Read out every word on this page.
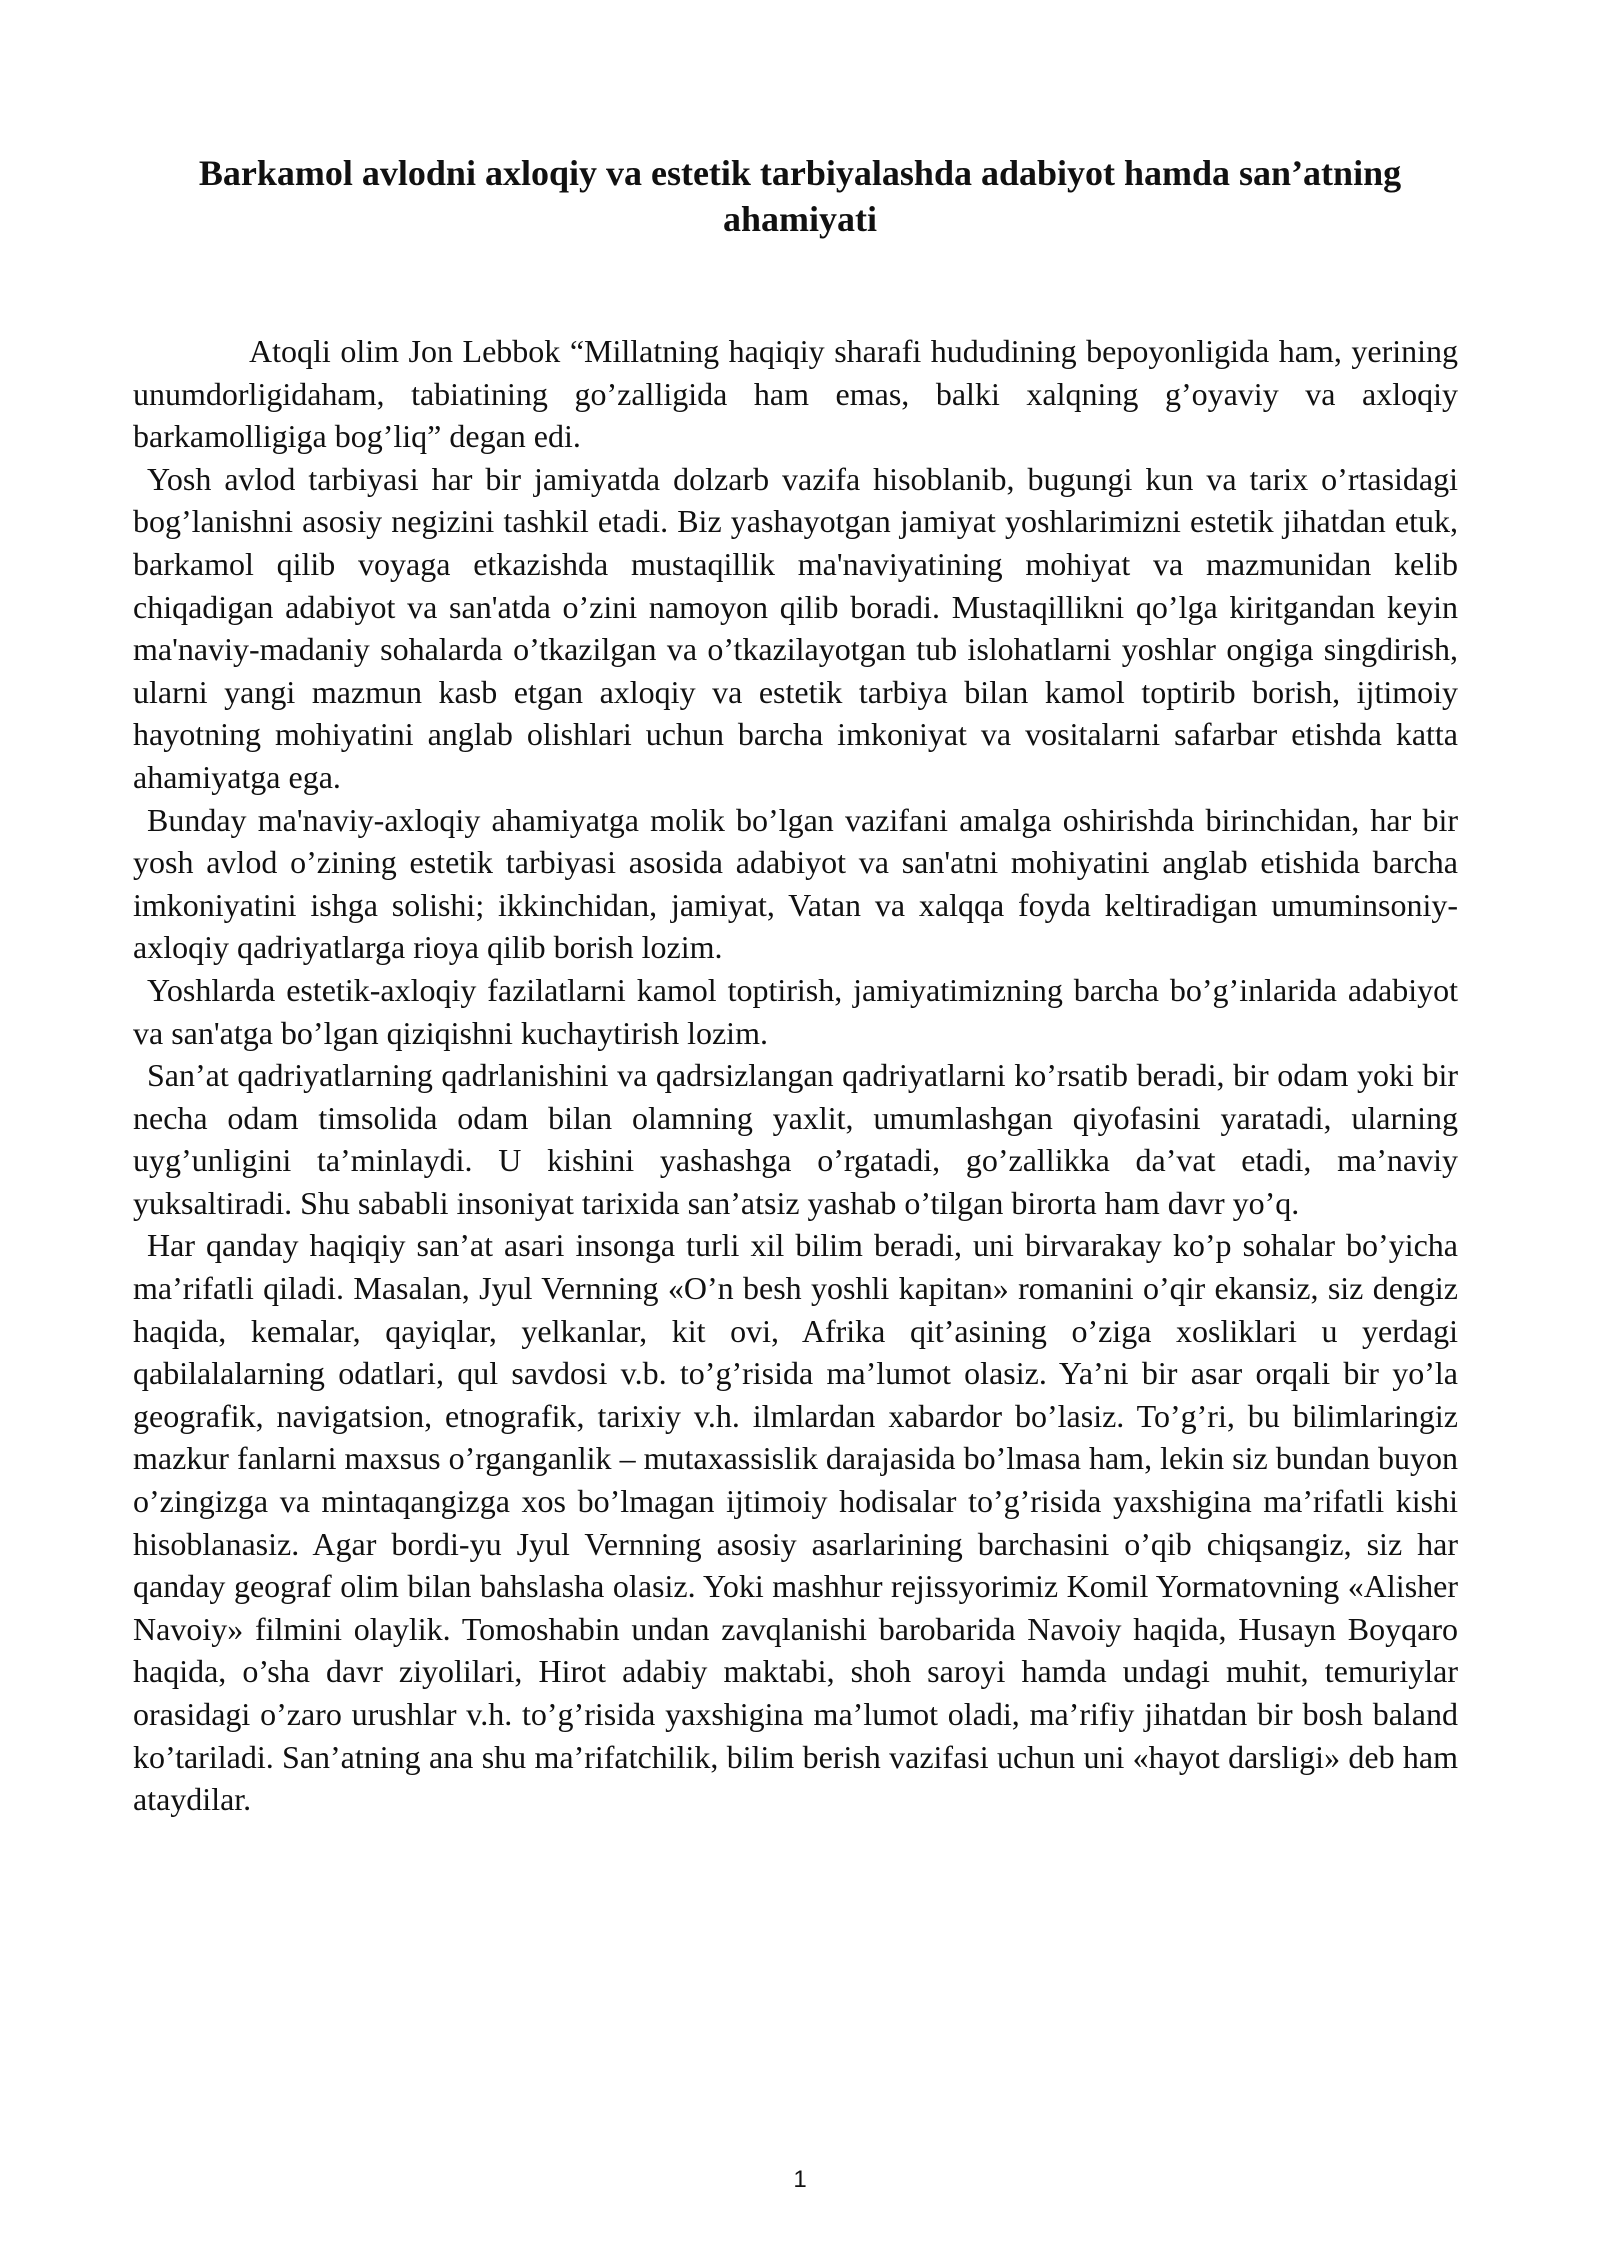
Barkamol avlodni axloqiy va estetik tarbiyalashda adabiyot hamda san’atning ahamiyati

Atoqli olim Jon Lebbok “Millatning haqiqiy sharafi hududining bepoyonligida ham, yerining unumdorligidaham, tabiatining go’zalligida ham emas, balki xalqning g’oyaviy va axloqiy barkamolligiga bog’liq” degan edi.

Yosh avlod tarbiyasi har bir jamiyatda dolzarb vazifa hisoblanib, bugungi kun va tarix o’rtasidagi bog’lanishni asosiy negizini tashkil etadi. Biz yashayotgan jamiyat yoshlarimizni estetik jihatdan etuk, barkamol qilib voyaga etkazishda mustaqillik ma'naviyatining mohiyat va mazmunidan kelib chiqadigan adabiyot va san'atda o’zini namoyon qilib boradi. Mustaqillikni qo’lga kiritgandan keyin ma'naviy-madaniy sohalarda o’tkazilgan va o’tkazilayotgan tub islohatlarni yoshlar ongiga singdirish, ularni yangi mazmun kasb etgan axloqiy va estetik tarbiya bilan kamol toptirib borish, ijtimoiy hayotning mohiyatini anglab olishlari uchun barcha imkoniyat va vositalarni safarbar etishda katta ahamiyatga ega.

Bunday ma'naviy-axloqiy ahamiyatga molik bo’lgan vazifani amalga oshirishda birinchidan, har bir yosh avlod o’zining estetik tarbiyasi asosida adabiyot va san'atni mohiyatini anglab etishida barcha imkoniyatini ishga solishi; ikkinchidan, jamiyat, Vatan va xalqqa foyda keltiradigan umuminsoniy-axloqiy qadriyatlarga rioya qilib borish lozim.

Yoshlarda estetik-axloqiy fazilatlarni kamol toptirish, jamiyatimizning barcha bo’g’inlarida adabiyot va san'atga bo’lgan qiziqishni kuchaytirish lozim.

San’at qadriyatlarning qadrlanishini va qadrsizlangan qadriyatlarni ko’rsatib beradi, bir odam yoki bir necha odam timsolida odam bilan olamning yaxlit, umumlashgan qiyofasini yaratadi, ularning uyg’unligini ta’minlaydi. U kishini yashashga o’rgatadi, go’zallikka da’vat etadi, ma’naviy yuksaltiradi. Shu sababli insoniyat tarixida san’atsiz yashab o’tilgan birorta ham davr yo’q.

Har qanday haqiqiy san’at asari insonga turli xil bilim beradi, uni birvarakay ko’p sohalar bo’yicha ma’rifatli qiladi. Masalan, Jyul Vernning «O’n besh yoshli kapitan» romanini o’qir ekansiz, siz dengiz haqida, kemalar, qayiqlar, yelkanlar, kit ovi, Afrika qit’asining o’ziga xosliklari u yerdagi qabilalalarning odatlari, qul savdosi v.b. to’g’risida ma’lumot olasiz. Ya’ni bir asar orqali bir yo’la geografik, navigatsion, etnografik, tarixiy v.h. ilmlardan xabardor bo’lasiz. To’g’ri, bu bilimlaringiz mazkur fanlarni maxsus o’rganganlik – mutaxassislik darajasida bo’lmasa ham, lekin siz bundan buyon o’zingizga va mintaqangizga xos bo’lmagan ijtimoiy hodisalar to’g’risida yaxshigina ma’rifatli kishi hisoblanasiz. Agar bordi-yu Jyul Vernning asosiy asarlarining barchasini o’qib chiqsangiz, siz har qanday geograf olim bilan bahslasha olasiz. Yoki mashhur rejissyorimiz Komil Yormatovning «Alisher Navoiy» filmini olaylik. Tomoshabin undan zavqlanishi barobarida Navoiy haqida, Husayn Boyqaro haqida, o’sha davr ziyolilari, Hirot adabiy maktabi, shoh saroyi hamda undagi muhit, temuriylar orasidagi o’zaro urushlar v.h. to’g’risida yaxshigina ma’lumot oladi, ma’rifiy jihatdan bir bosh baland ko’tariladi. San’atning ana shu ma’rifatchilik, bilim berish vazifasi uchun uni «hayot darsligi» deb ham ataydilar.

1
